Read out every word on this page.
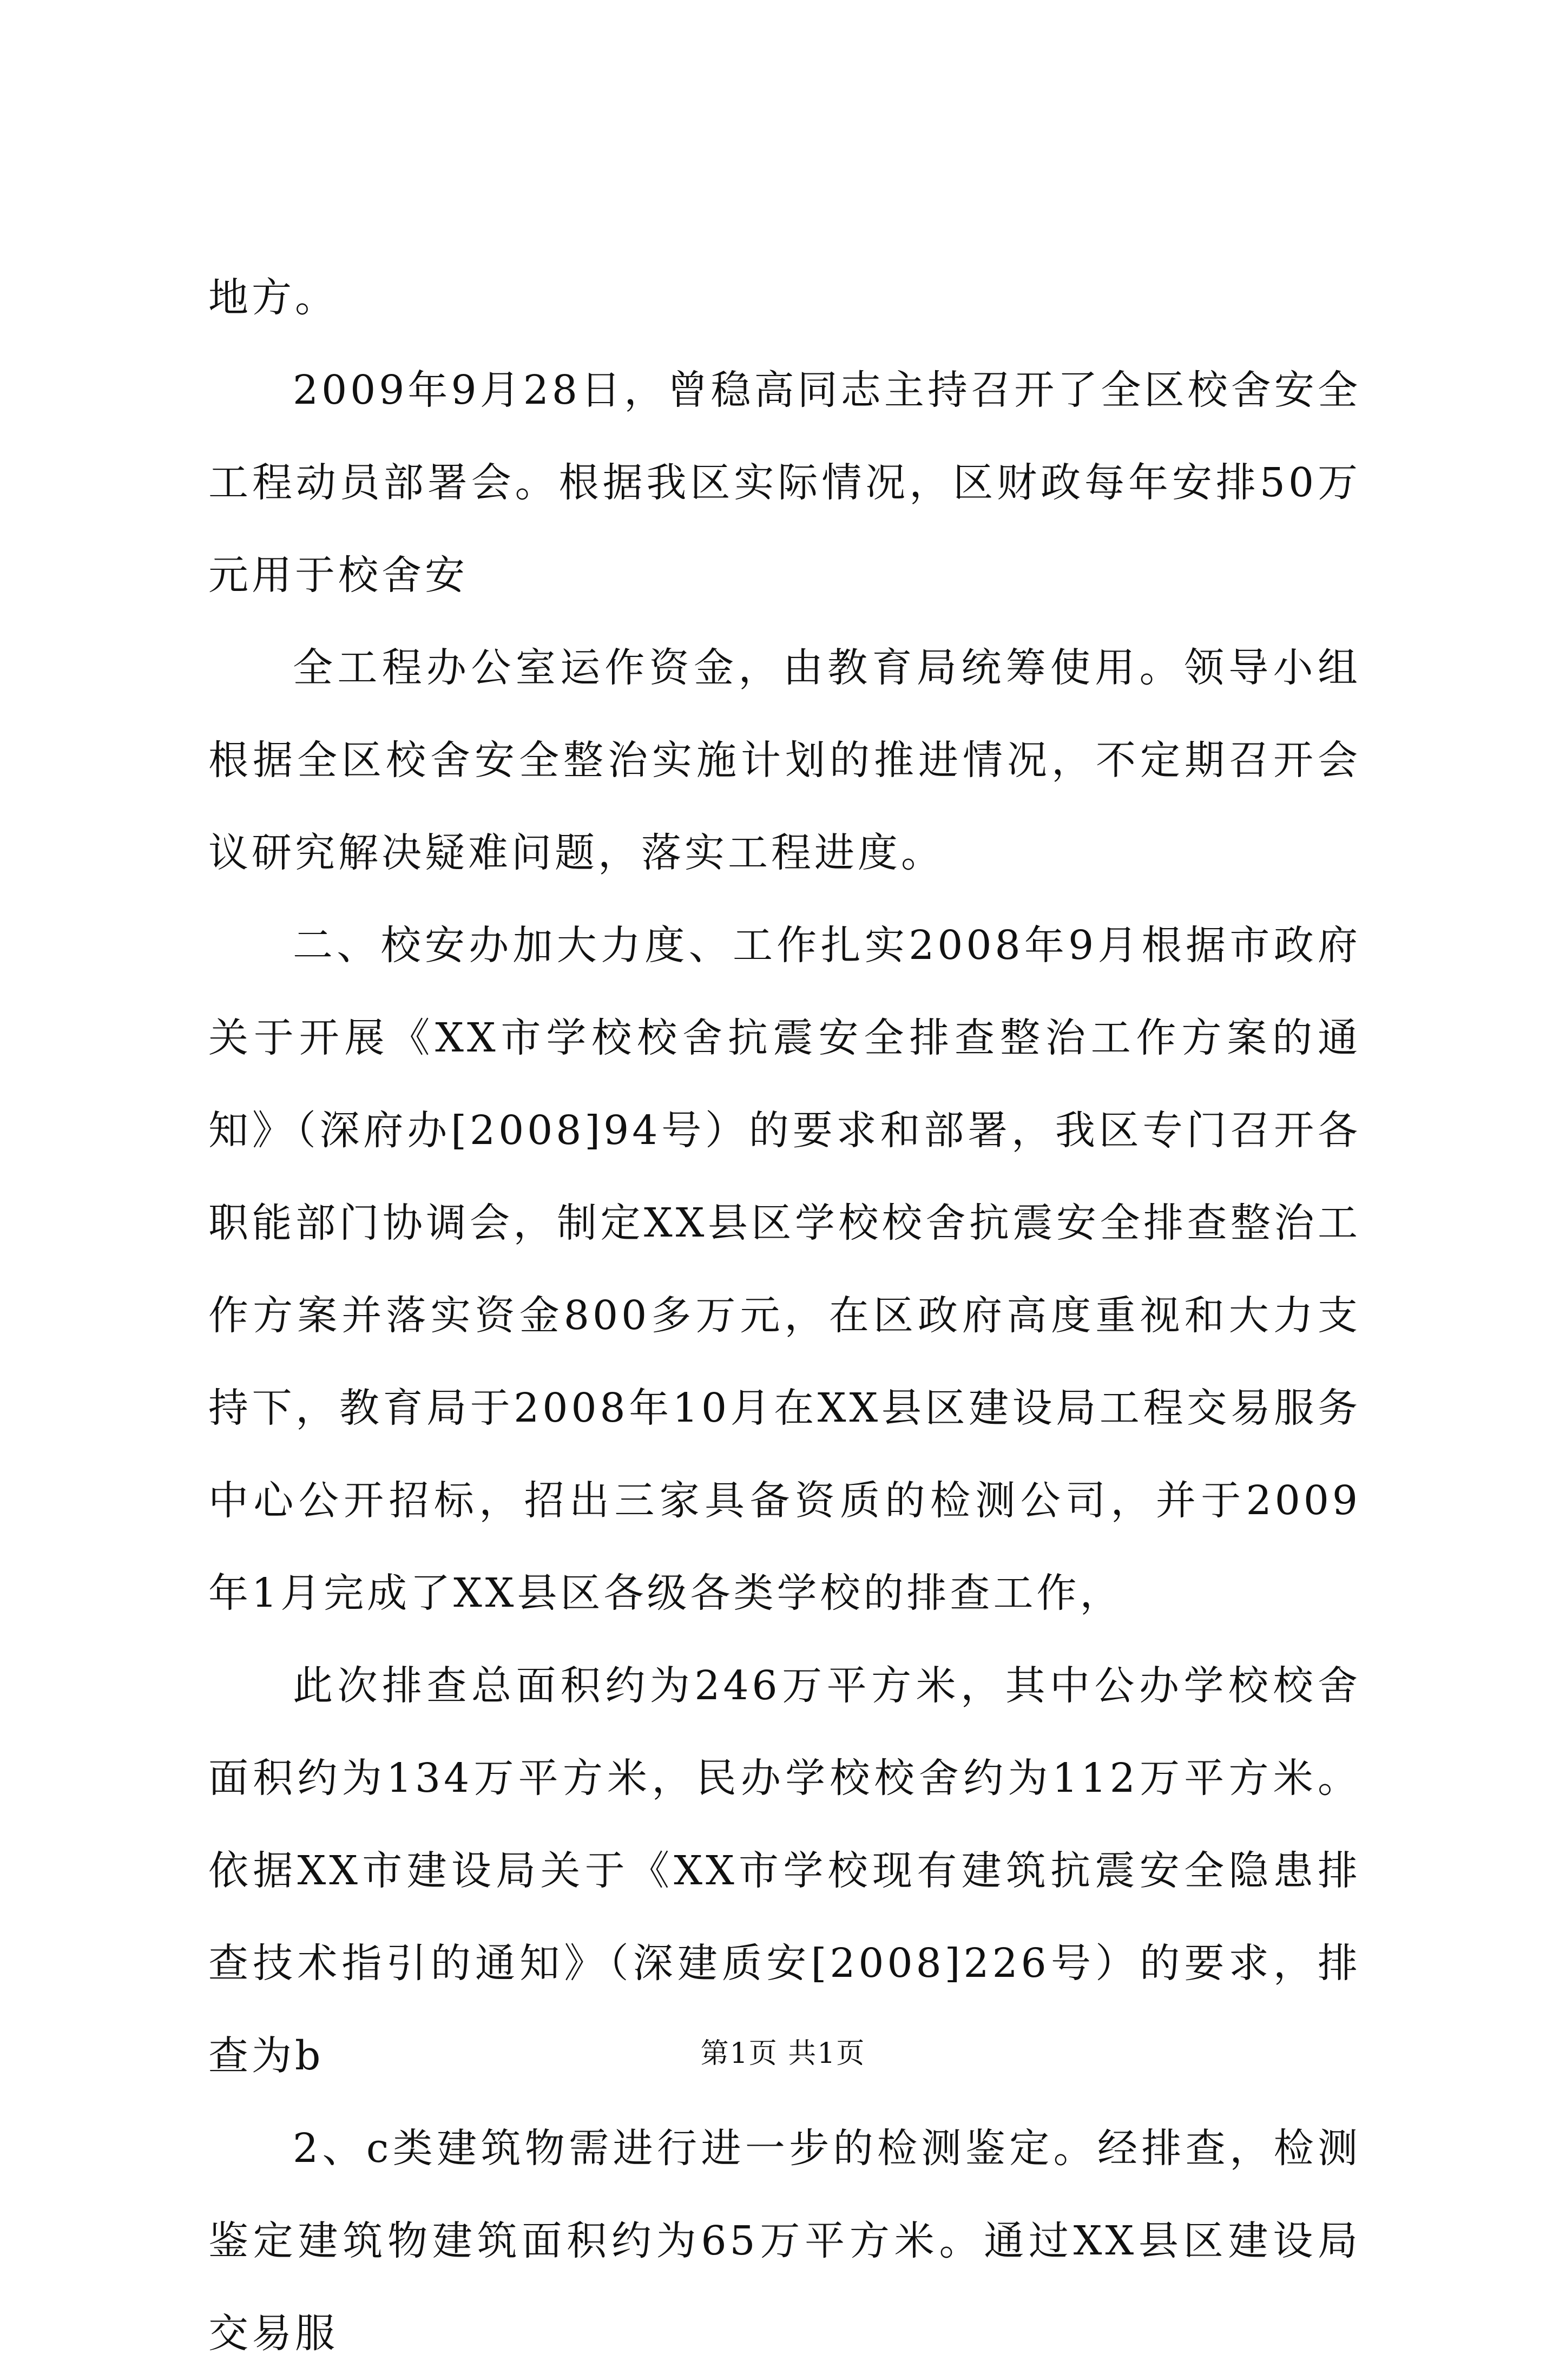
地方。

2009年9月28日，曾稳高同志主持召开了全区校舍安全工程动员部署会。根据我区实际情况，区财政每年安排50万元用于校舍安

全工程办公室运作资金，由教育局统筹使用。领导小组根据全区校舍安全整治实施计划的推进情况，不定期召开会议研究解决疑难问题，落实工程进度。

二、校安办加大力度、工作扎实2008年9月根据市政府关于开展《XX市学校校舍抗震安全排查整治工作方案的通知》（深府办[2008]94号）的要求和部署，我区专门召开各职能部门协调会，制定XX县区学校校舍抗震安全排查整治工作方案并落实资金800多万元，在区政府高度重视和大力支持下，教育局于2008年10月在XX县区建设局工程交易服务中心公开招标，招出三家具备资质的检测公司，并于2009年1月完成了XX县区各级各类学校的排查工作，

此次排查总面积约为246万平方米，其中公办学校校舍面积约为134万平方米，民办学校校舍约为112万平方米。依据XX市建设局关于《XX市学校现有建筑抗震安全隐患排查技术指引的通知》（深建质安[2008]226号）的要求，排查为b

2、c类建筑物需进行进一步的检测鉴定。经排查，检测鉴定建筑物建筑面积约为65万平方米。通过XX县区建设局交易服

第1页 共1页
